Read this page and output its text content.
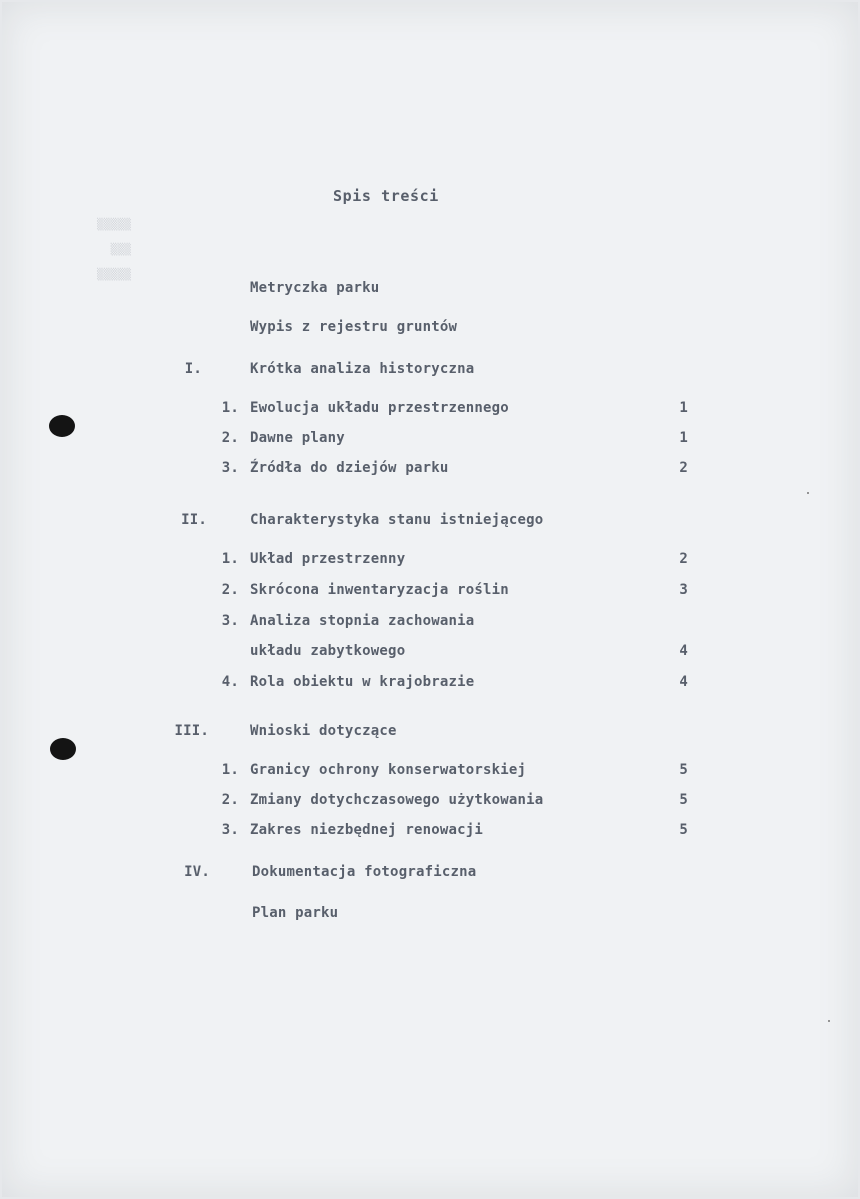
▒▒▒▒▒
▒▒▒
▒▒▒▒▒
Spis treści
Metryczka parku
Wypis z rejestru gruntów
I.	Krótka analiza historyczna
1. Ewolucja układu przestrzennego	1
2. Dawne plany	1
3. Źródła do dziejów parku	2
II.	Charakterystyka stanu istniejącego
1. Układ przestrzenny	2
2. Skrócona inwentaryzacja roślin	3
3. Analiza stopnia zachowania
układu zabytkowego	4
4. Rola obiektu w krajobrazie	4
III.	Wnioski dotyczące
1. Granicy ochrony konserwatorskiej	5
2. Zmiany dotychczasowego użytkowania	5
3. Zakres niezbędnej renowacji	5
IV.	Dokumentacja fotograficzna
Plan parku
